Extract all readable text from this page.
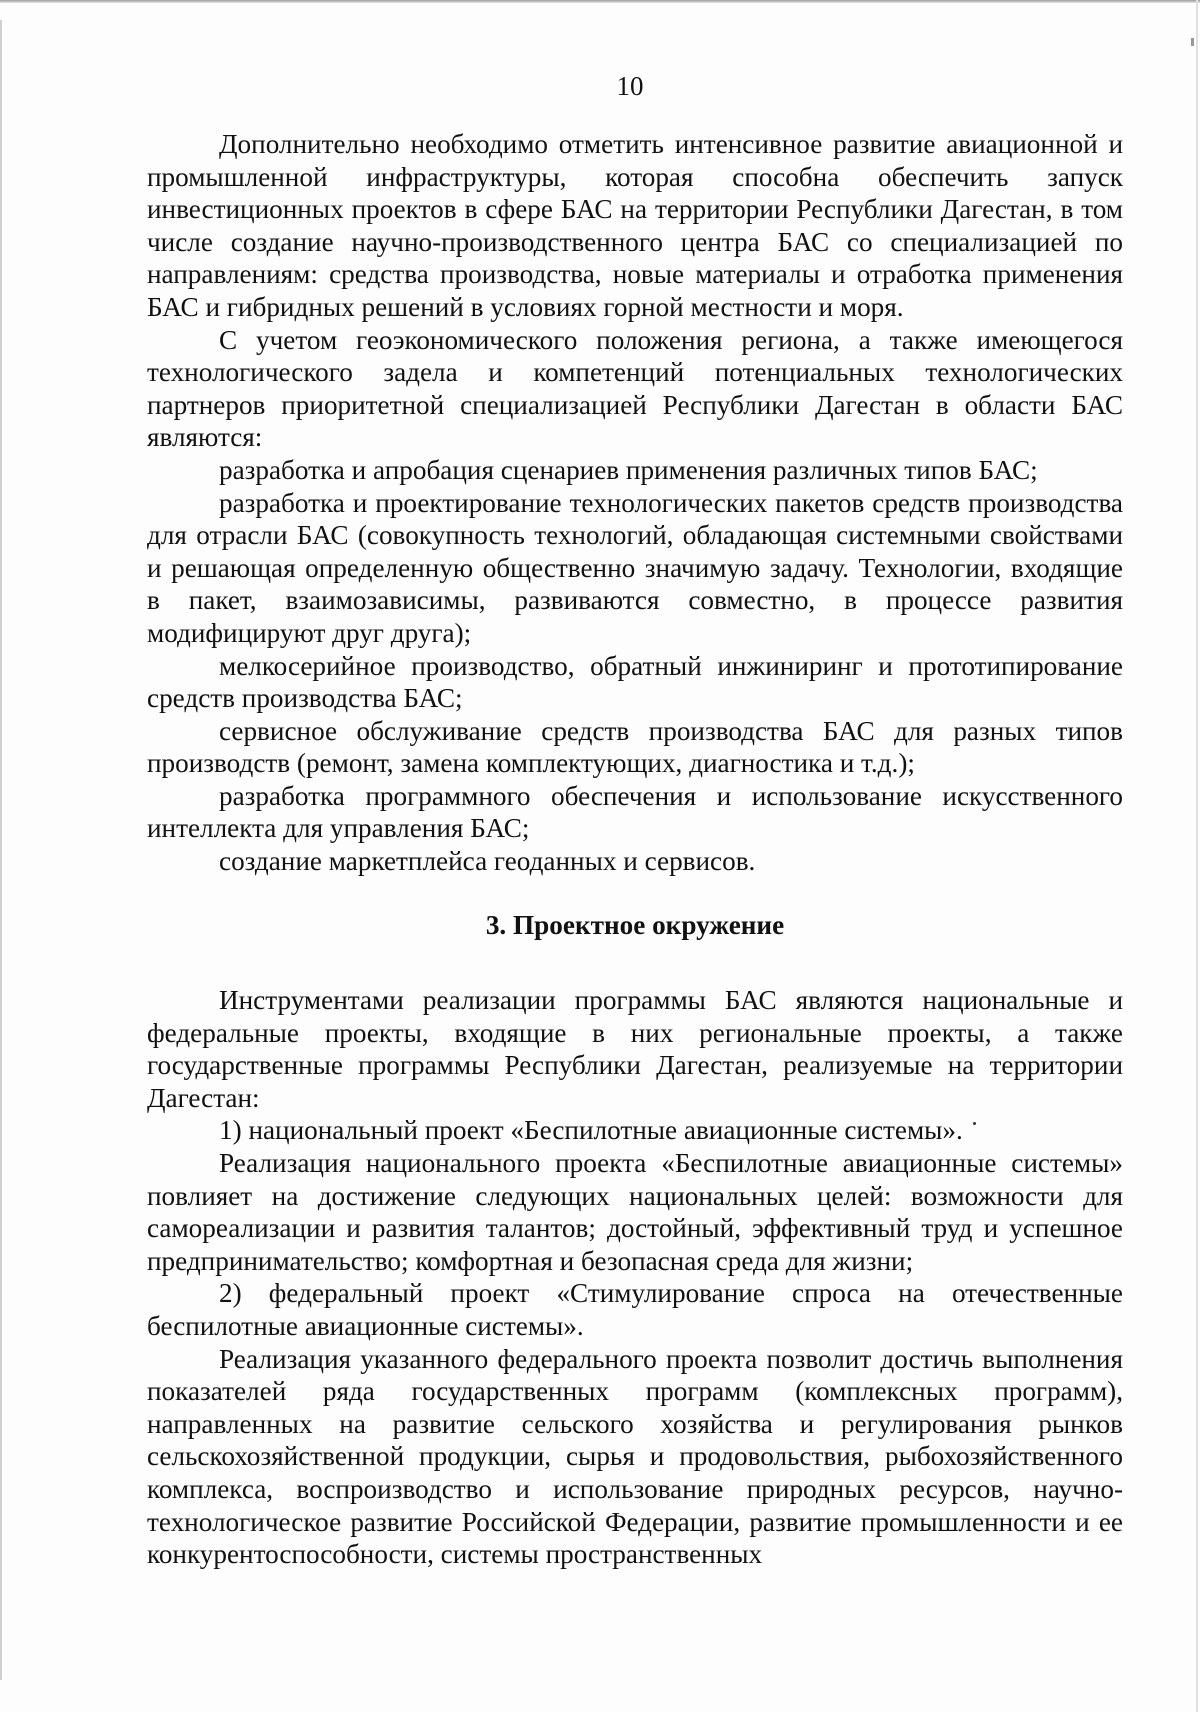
10

Дополнительно необходимо отметить интенсивное развитие авиационной и промышленной инфраструктуры, которая способна обеспечить запуск инвестиционных проектов в сфере БАС на территории Республики Дагестан, в том числе создание научно-производственного центра БАС со специализацией по направлениям: средства производства, новые материалы и отработка применения БАС и гибридных решений в условиях горной местности и моря.

С учетом геоэкономического положения региона, а также имеющегося технологического задела и компетенций потенциальных технологических партнеров приоритетной специализацией Республики Дагестан в области БАС являются:

разработка и апробация сценариев применения различных типов БАС;

разработка и проектирование технологических пакетов средств производства для отрасли БАС (совокупность технологий, обладающая системными свойствами и решающая определенную общественно значимую задачу. Технологии, входящие в пакет, взаимозависимы, развиваются совместно, в процессе развития модифицируют друг друга);

мелкосерийное производство, обратный инжиниринг и прототипирование средств производства БАС;

сервисное обслуживание средств производства БАС для разных типов производств (ремонт, замена комплектующих, диагностика и т.д.);

разработка программного обеспечения и использование искусственного интеллекта для управления БАС;

создание маркетплейса геоданных и сервисов.

3. Проектное окружение

Инструментами реализации программы БАС являются национальные и федеральные проекты, входящие в них региональные проекты, а также государственные программы Республики Дагестан, реализуемые на территории Дагестан:

1) национальный проект «Беспилотные авиационные системы».

Реализация национального проекта «Беспилотные авиационные системы» повлияет на достижение следующих национальных целей: возможности для самореализации и развития талантов; достойный, эффективный труд и успешное предпринимательство; комфортная и безопасная среда для жизни;

2) федеральный проект «Стимулирование спроса на отечественные беспилотные авиационные системы».

Реализация указанного федерального проекта позволит достичь выполнения показателей ряда государственных программ (комплексных программ), направленных на развитие сельского хозяйства и регулирования рынков сельскохозяйственной продукции, сырья и продовольствия, рыбохозяйственного комплекса, воспроизводство и использование природных ресурсов, научно-технологическое развитие Российской Федерации, развитие промышленности и ее конкурентоспособности, системы пространственных
